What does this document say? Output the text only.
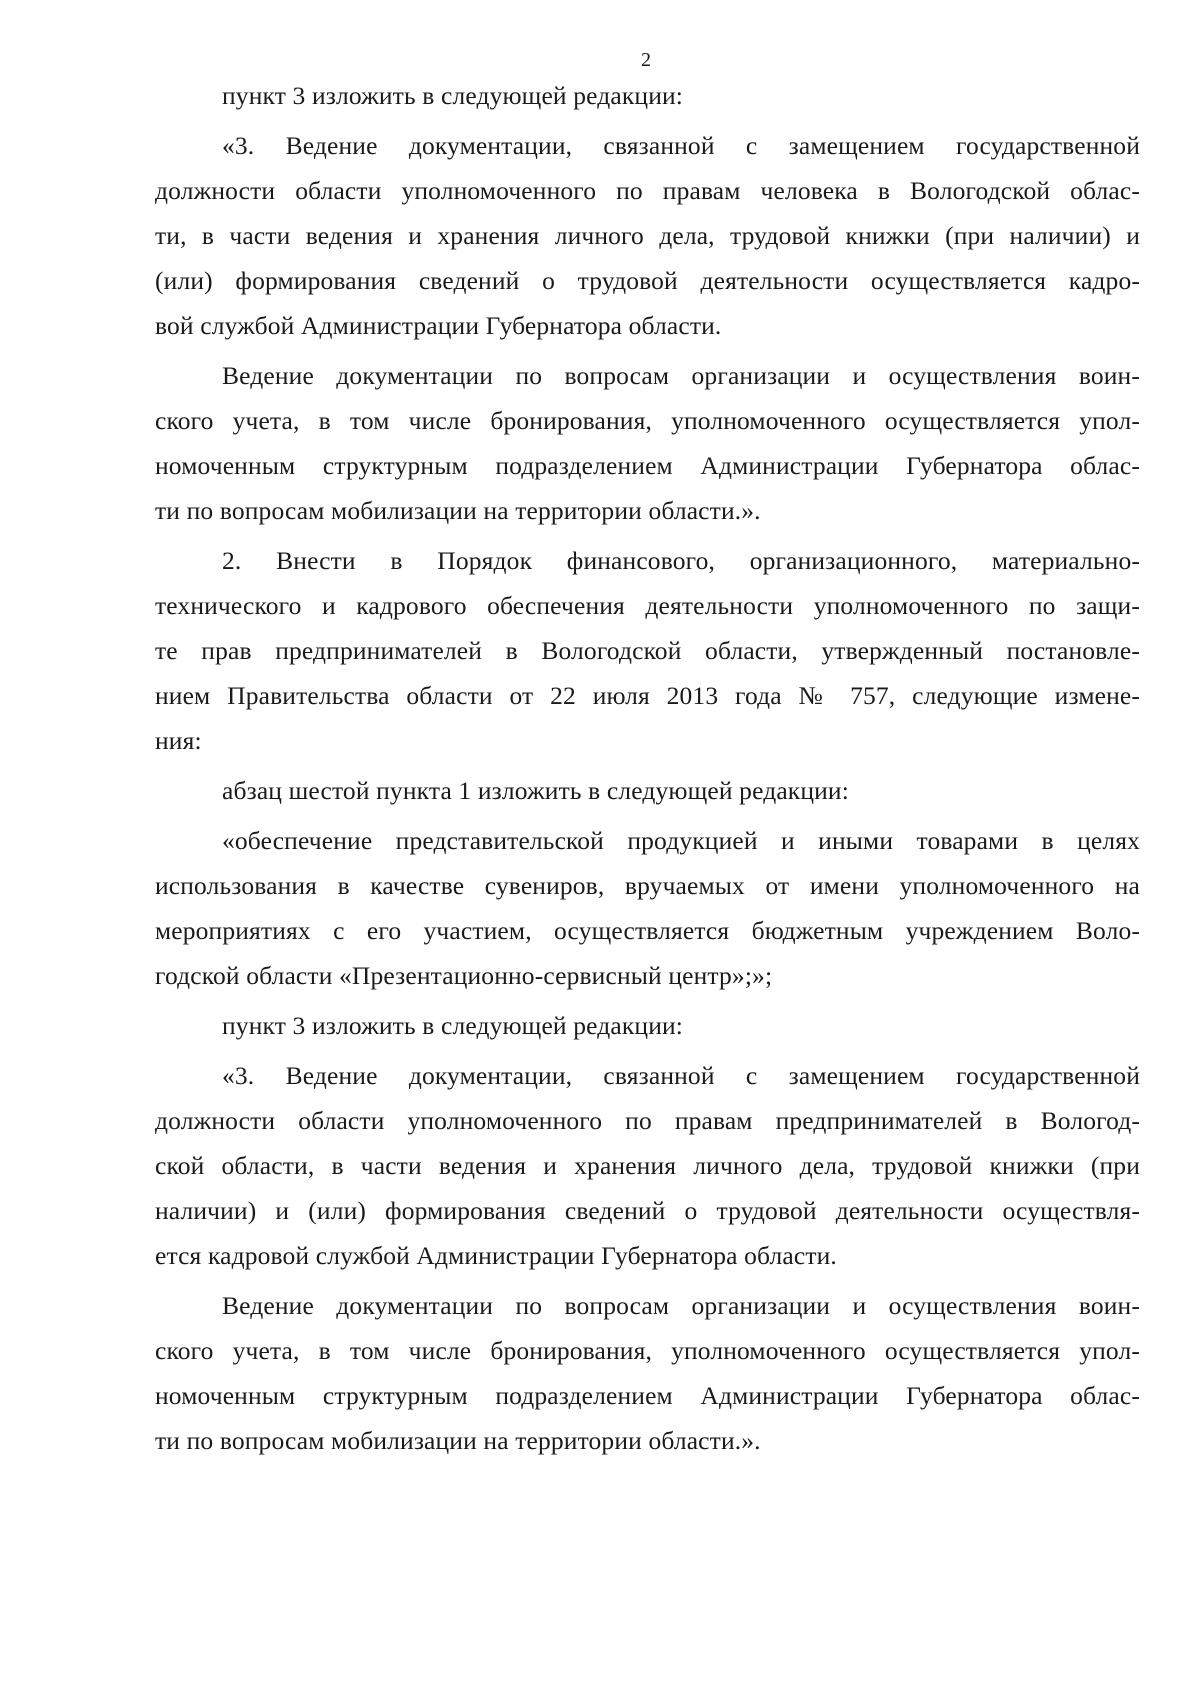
2
пункт 3 изложить в следующей редакции:
«3. Ведение документации, связанной с замещением государственной
должности области уполномоченного по правам человека в Вологодской облас-
ти, в части ведения и хранения личного дела, трудовой книжки (при наличии) и
(или) формирования сведений о трудовой деятельности осуществляется кадро-
вой службой Администрации Губернатора области.
Ведение документации по вопросам организации и осуществления воин-
ского учета, в том числе бронирования, уполномоченного осуществляется упол-
номоченным структурным подразделением Администрации Губернатора облас-
ти по вопросам мобилизации на территории области.».
2. Внести в Порядок финансового, организационного, материально-
технического и кадрового обеспечения деятельности уполномоченного по защи-
те прав предпринимателей в Вологодской области, утвержденный постановле-
нием Правительства области от 22 июля 2013 года № 757, следующие измене-
ния:
абзац шестой пункта 1 изложить в следующей редакции:
«обеспечение представительской продукцией и иными товарами в целях
использования в качестве сувениров, вручаемых от имени уполномоченного на
мероприятиях с его участием, осуществляется бюджетным учреждением Воло-
годской области «Презентационно-сервисный центр»;»;
пункт 3 изложить в следующей редакции:
«3. Ведение документации, связанной с замещением государственной
должности области уполномоченного по правам предпринимателей в Вологод-
ской области, в части ведения и хранения личного дела, трудовой книжки (при
наличии) и (или) формирования сведений о трудовой деятельности осуществля-
ется кадровой службой Администрации Губернатора области.
Ведение документации по вопросам организации и осуществления воин-
ского учета, в том числе бронирования, уполномоченного осуществляется упол-
номоченным структурным подразделением Администрации Губернатора облас-
ти по вопросам мобилизации на территории области.».
